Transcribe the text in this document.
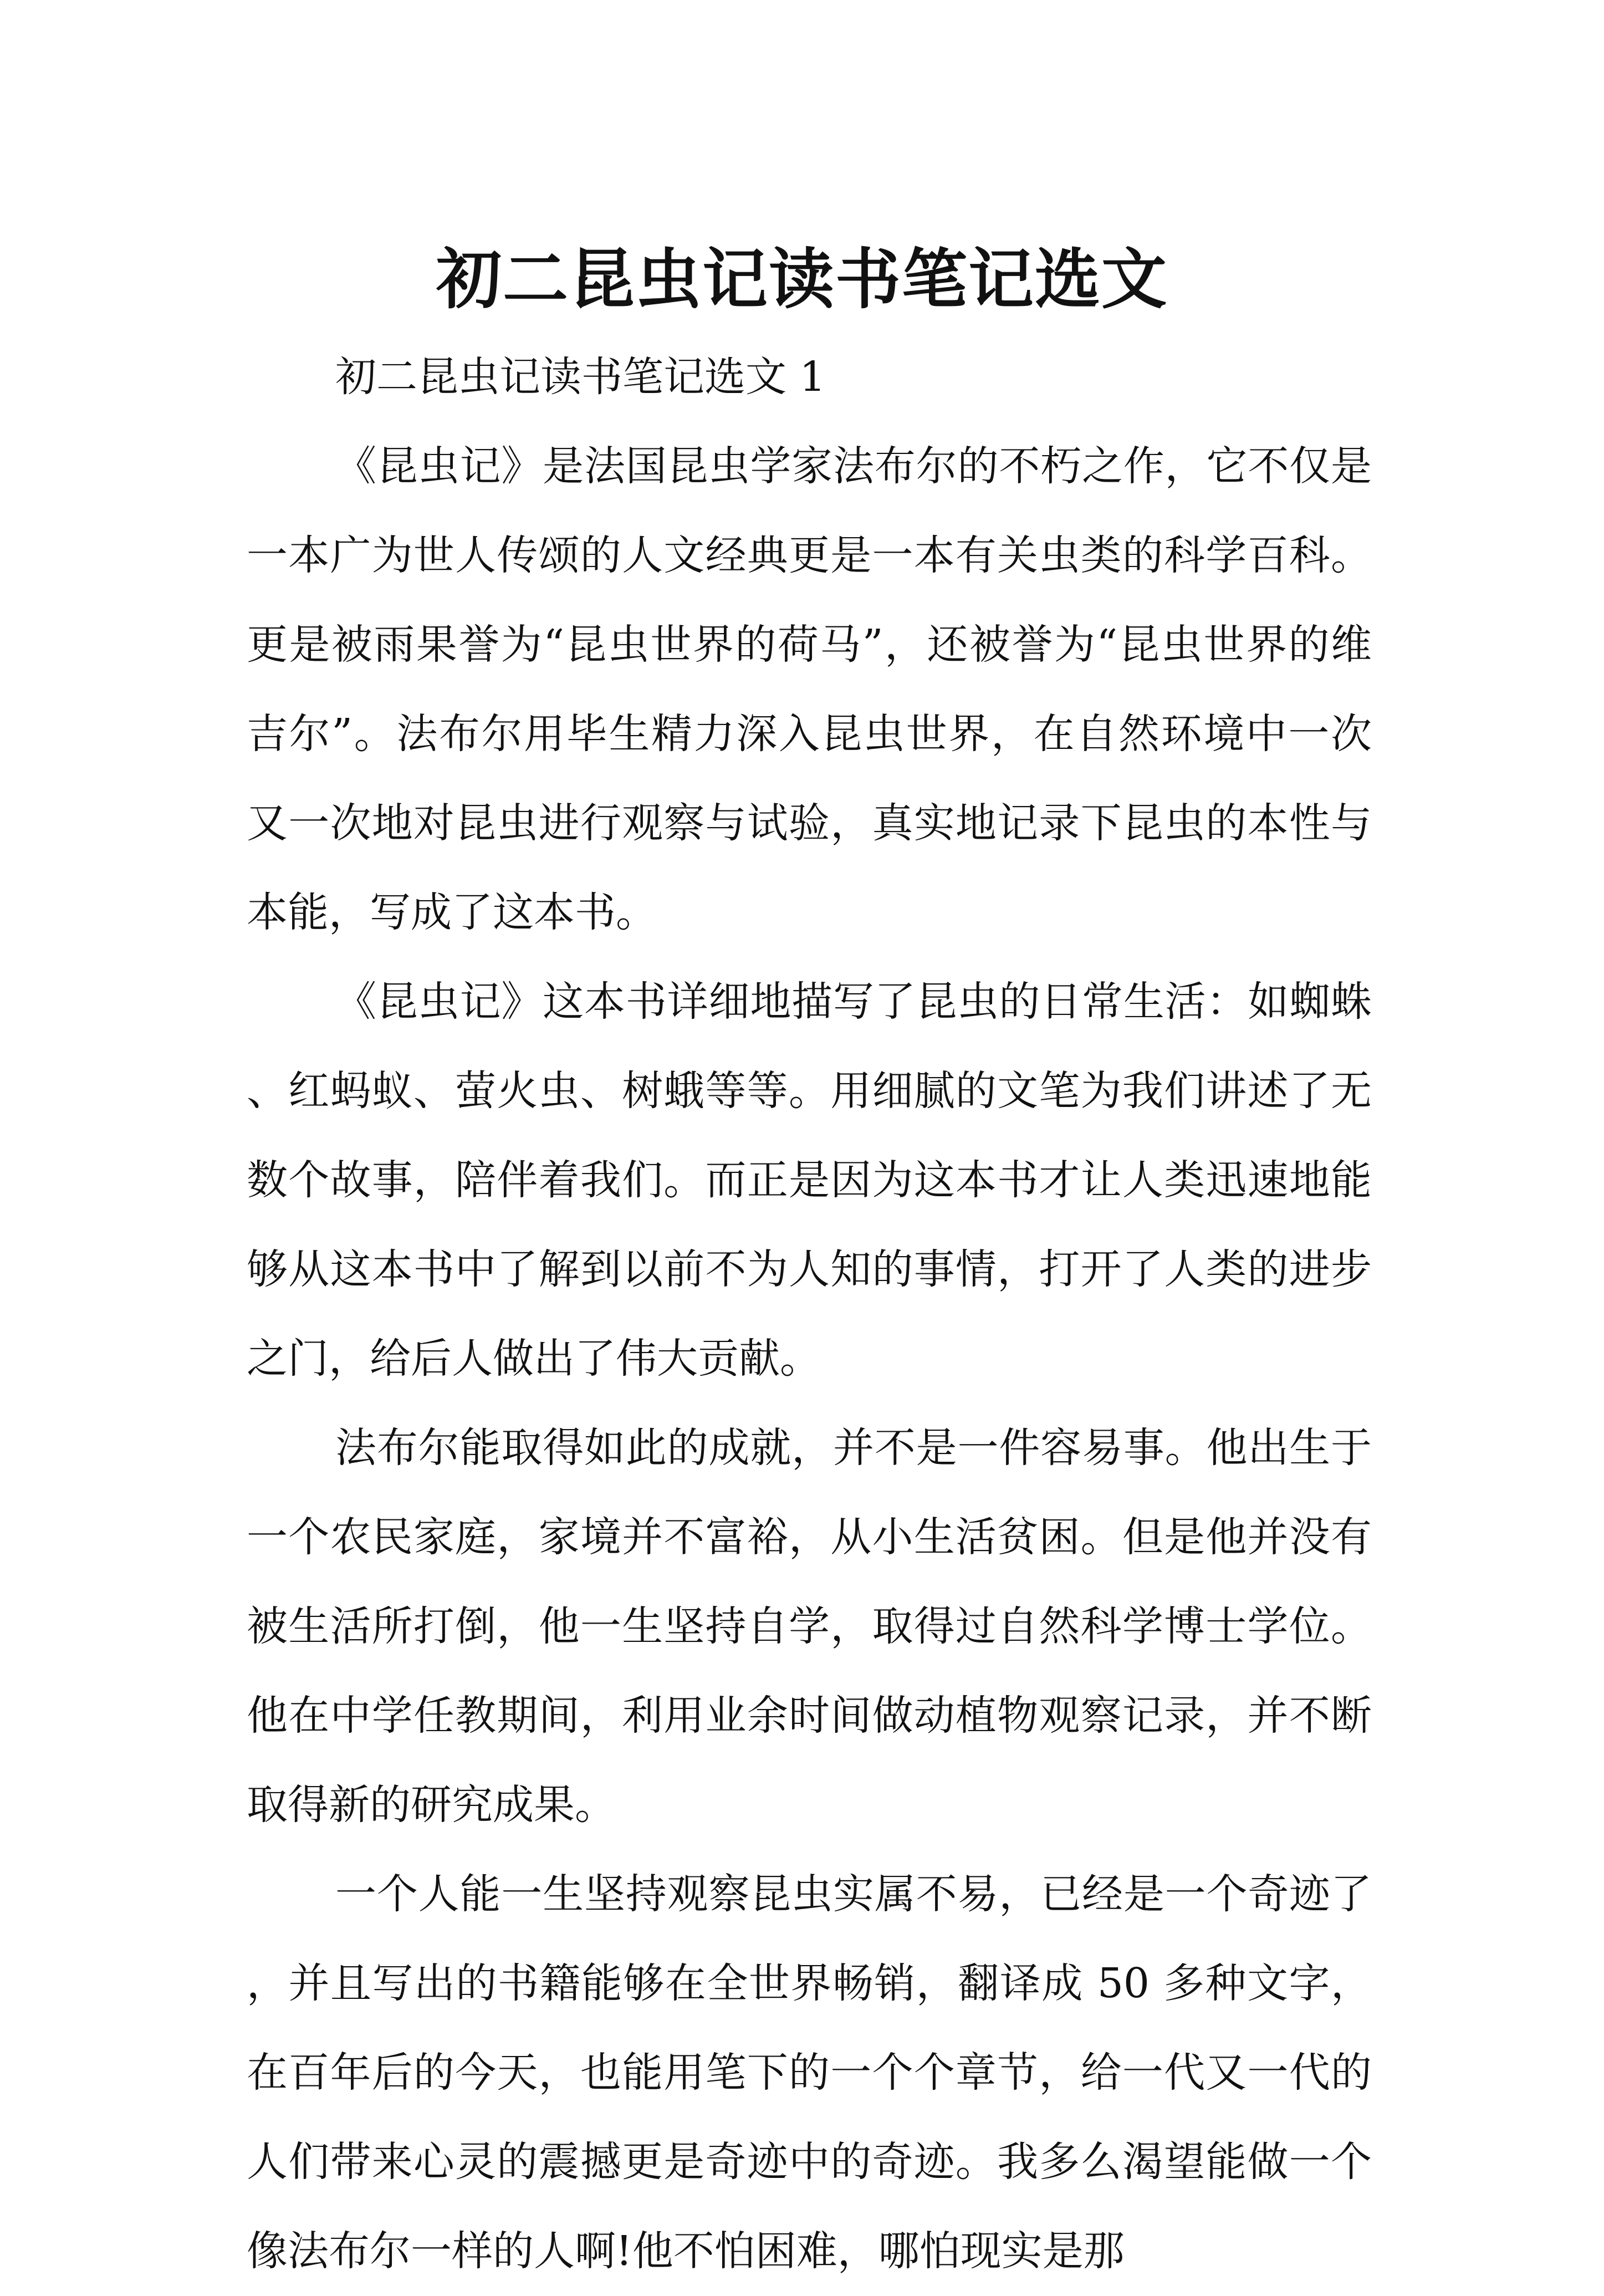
初二昆虫记读书笔记选文

初二昆虫记读书笔记选文 1

《昆虫记》是法国昆虫学家法布尔的不朽之作，它不仅是一本广为世人传颂的人文经典更是一本有关虫类的科学百科。更是被雨果誉为“昆虫世界的荷马”，还被誉为“昆虫世界的维吉尔”。法布尔用毕生精力深入昆虫世界，在自然环境中一次又一次地对昆虫进行观察与试验，真实地记录下昆虫的本性与本能，写成了这本书。

《昆虫记》这本书详细地描写了昆虫的日常生活：如蜘蛛、红蚂蚁、萤火虫、树蛾等等。用细腻的文笔为我们讲述了无数个故事，陪伴着我们。而正是因为这本书才让人类迅速地能够从这本书中了解到以前不为人知的事情，打开了人类的进步之门，给后人做出了伟大贡献。

法布尔能取得如此的成就，并不是一件容易事。他出生于一个农民家庭，家境并不富裕，从小生活贫困。但是他并没有被生活所打倒，他一生坚持自学，取得过自然科学博士学位。他在中学任教期间，利用业余时间做动植物观察记录，并不断取得新的研究成果。

一个人能一生坚持观察昆虫实属不易，已经是一个奇迹了，并且写出的书籍能够在全世界畅销，翻译成 50 多种文字，在百年后的今天，也能用笔下的一个个章节，给一代又一代的人们带来心灵的震撼更是奇迹中的奇迹。我多么渴望能做一个像法布尔一样的人啊!他不怕困难，哪怕现实是那
